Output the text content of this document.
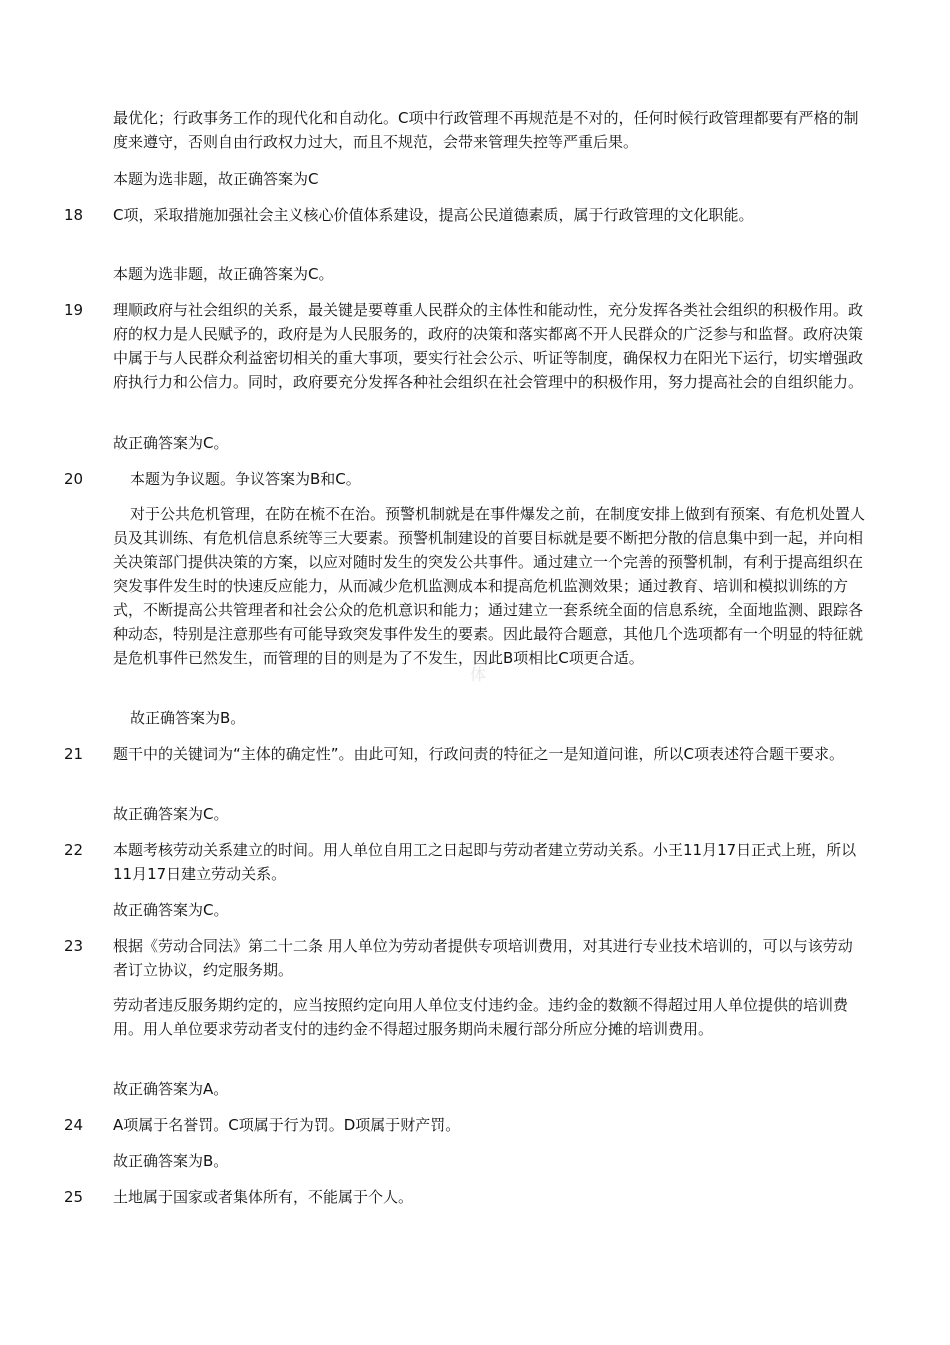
最优化；行政事务工作的现代化和自动化。C项中行政管理不再规范是不对的，任何时候行政管理都要有严格的制度来遵守，否则自由行政权力过大，而且不规范，会带来管理失控等严重后果。

本题为选非题，故正确答案为C

18	C项，采取措施加强社会主义核心价值体系建设，提高公民道德素质，属于行政管理的文化职能。

本题为选非题，故正确答案为C。

19	理顺政府与社会组织的关系，最关键是要尊重人民群众的主体性和能动性，充分发挥各类社会组织的积极作用。政府的权力是人民赋予的，政府是为人民服务的，政府的决策和落实都离不开人民群众的广泛参与和监督。政府决策中属于与人民群众利益密切相关的重大事项，要实行社会公示、听证等制度，确保权力在阳光下运行，切实增强政府执行力和公信力。同时，政府要充分发挥各种社会组织在社会管理中的积极作用，努力提高社会的自组织能力。

故正确答案为C。

20	本题为争议题。争议答案为B和C。

对于公共危机管理，在防在梳不在治。预警机制就是在事件爆发之前，在制度安排上做到有预案、有危机处置人员及其训练、有危机信息系统等三大要素。预警机制建设的首要目标就是要不断把分散的信息集中到一起，并向相关决策部门提供决策的方案，以应对随时发生的突发公共事件。通过建立一个完善的预警机制，有利于提高组织在突发事件发生时的快速反应能力，从而减少危机监测成本和提高危机监测效果；通过教育、培训和模拟训练的方式，不断提高公共管理者和社会公众的危机意识和能力；通过建立一套系统全面的信息系统，全面地监测、跟踪各种动态，特别是注意那些有可能导致突发事件发生的要素。因此最符合题意，其他几个选项都有一个明显的特征就是危机事件已然发生，而管理的目的则是为了不发生，因此B项相比C项更合适。

故正确答案为B。

21	题干中的关键词为“主体的确定性”。由此可知，行政问责的特征之一是知道问谁，所以C项表述符合题干要求。

故正确答案为C。

22	本题考核劳动关系建立的时间。用人单位自用工之日起即与劳动者建立劳动关系。小王11月17日正式上班，所以11月17日建立劳动关系。

故正确答案为C。

23	根据《劳动合同法》第二十二条 用人单位为劳动者提供专项培训费用，对其进行专业技术培训的，可以与该劳动者订立协议，约定服务期。

劳动者违反服务期约定的，应当按照约定向用人单位支付违约金。违约金的数额不得超过用人单位提供的培训费用。用人单位要求劳动者支付的违约金不得超过服务期尚未履行部分所应分摊的培训费用。

故正确答案为A。

24	A项属于名誉罚。C项属于行为罚。D项属于财产罚。

故正确答案为B。

25	土地属于国家或者集体所有，不能属于个人。

体
